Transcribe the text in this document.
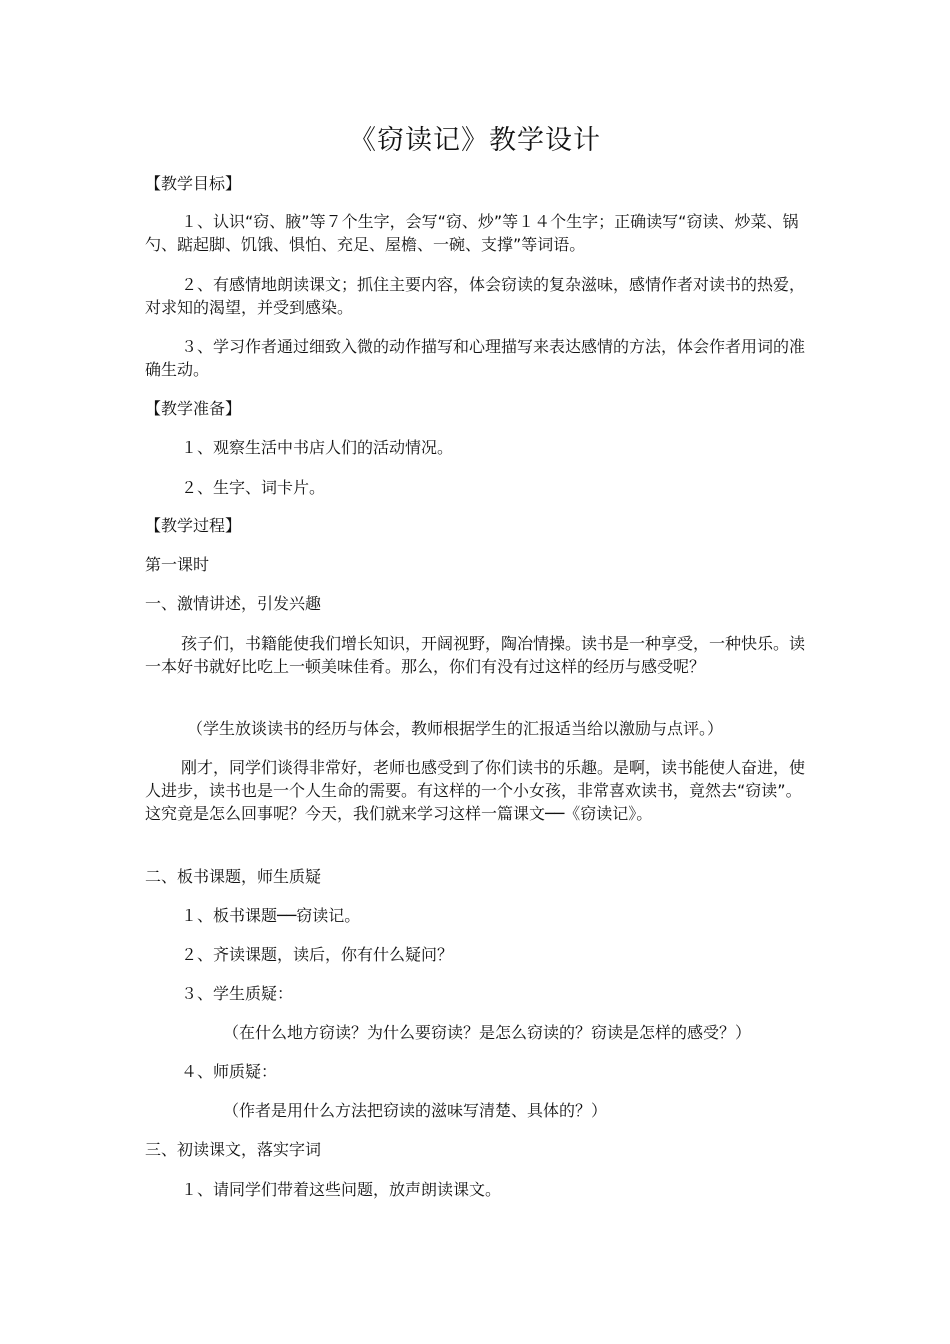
《窃读记》教学设计
【教学目标】
１、认识“窃、腋”等７个生字，会写“窃、炒”等１４个生字；正确读写“窃读、炒菜、锅勺、踮起脚、饥饿、惧怕、充足、屋檐、一碗、支撑”等词语。
２、有感情地朗读课文；抓住主要内容，体会窃读的复杂滋味，感情作者对读书的热爱，对求知的渴望，并受到感染。
３、学习作者通过细致入微的动作描写和心理描写来表达感情的方法，体会作者用词的准确生动。
【教学准备】
１、观察生活中书店人们的活动情况。
２、生字、词卡片。
【教学过程】
第一课时
一、激情讲述，引发兴趣
孩子们，书籍能使我们增长知识，开阔视野，陶冶情操。读书是一种享受，一种快乐。读一本好书就好比吃上一顿美味佳肴。那么，你们有没有过这样的经历与感受呢？
（学生放谈读书的经历与体会，教师根据学生的汇报适当给以激励与点评。）
刚才，同学们谈得非常好，老师也感受到了你们读书的乐趣。是啊，读书能使人奋进，使人进步，读书也是一个人生命的需要。有这样的一个小女孩，非常喜欢读书，竟然去“窃读”。这究竟是怎么回事呢？今天，我们就来学习这样一篇课文──《窃读记》。
二、板书课题，师生质疑
１、板书课题──窃读记。
２、齐读课题，读后，你有什么疑问？
３、学生质疑：
（在什么地方窃读？为什么要窃读？是怎么窃读的？窃读是怎样的感受？）
４、师质疑：
（作者是用什么方法把窃读的滋味写清楚、具体的？）
三、初读课文，落实字词
１、请同学们带着这些问题，放声朗读课文。
